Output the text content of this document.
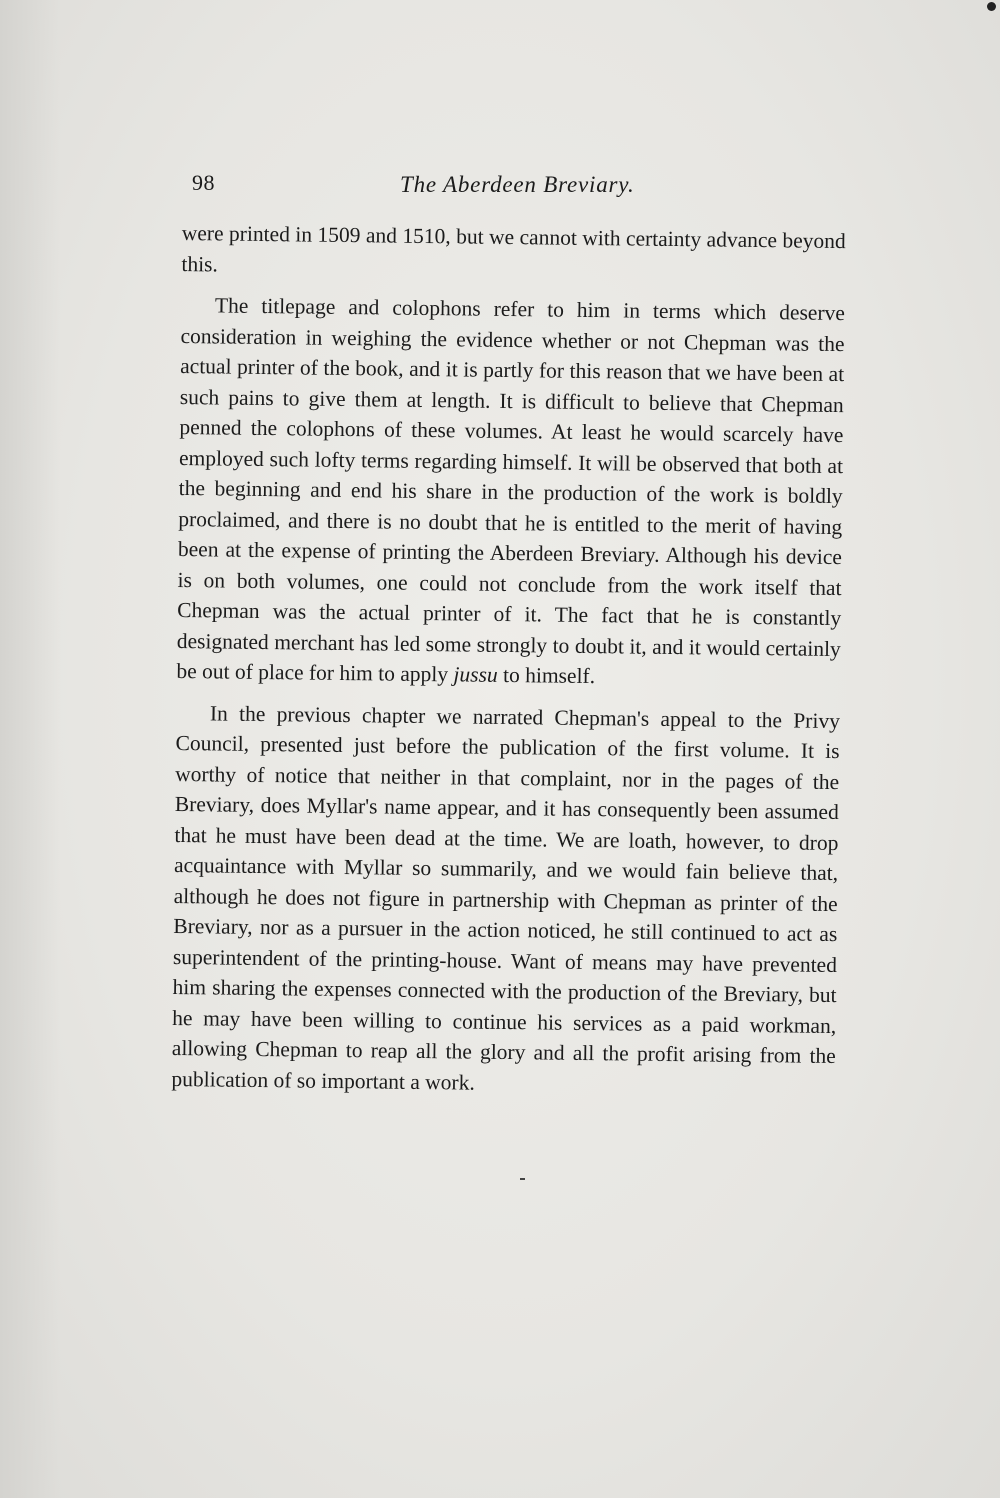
98	The Aberdeen Breviary.

were printed in 1509 and 1510, but we cannot with certainty advance beyond this.

The titlepage and colophons refer to him in terms which deserve consideration in weighing the evidence whether or not Chepman was the actual printer of the book, and it is partly for this reason that we have been at such pains to give them at length. It is difficult to believe that Chepman penned the colophons of these volumes. At least he would scarcely have employed such lofty terms regarding himself. It will be observed that both at the beginning and end his share in the production of the work is boldly proclaimed, and there is no doubt that he is entitled to the merit of having been at the expense of printing the Aberdeen Breviary. Although his device is on both volumes, one could not conclude from the work itself that Chepman was the actual printer of it. The fact that he is constantly designated merchant has led some strongly to doubt it, and it would certainly be out of place for him to apply jussu to himself.

In the previous chapter we narrated Chepman's appeal to the Privy Council, presented just before the publication of the first volume. It is worthy of notice that neither in that complaint, nor in the pages of the Breviary, does Myllar's name appear, and it has consequently been assumed that he must have been dead at the time. We are loath, however, to drop acquaintance with Myllar so summarily, and we would fain believe that, although he does not figure in partnership with Chepman as printer of the Breviary, nor as a pursuer in the action noticed, he still continued to act as superintendent of the printing-house. Want of means may have prevented him sharing the expenses connected with the production of the Breviary, but he may have been willing to continue his services as a paid workman, allowing Chepman to reap all the glory and all the profit arising from the publication of so important a work.
